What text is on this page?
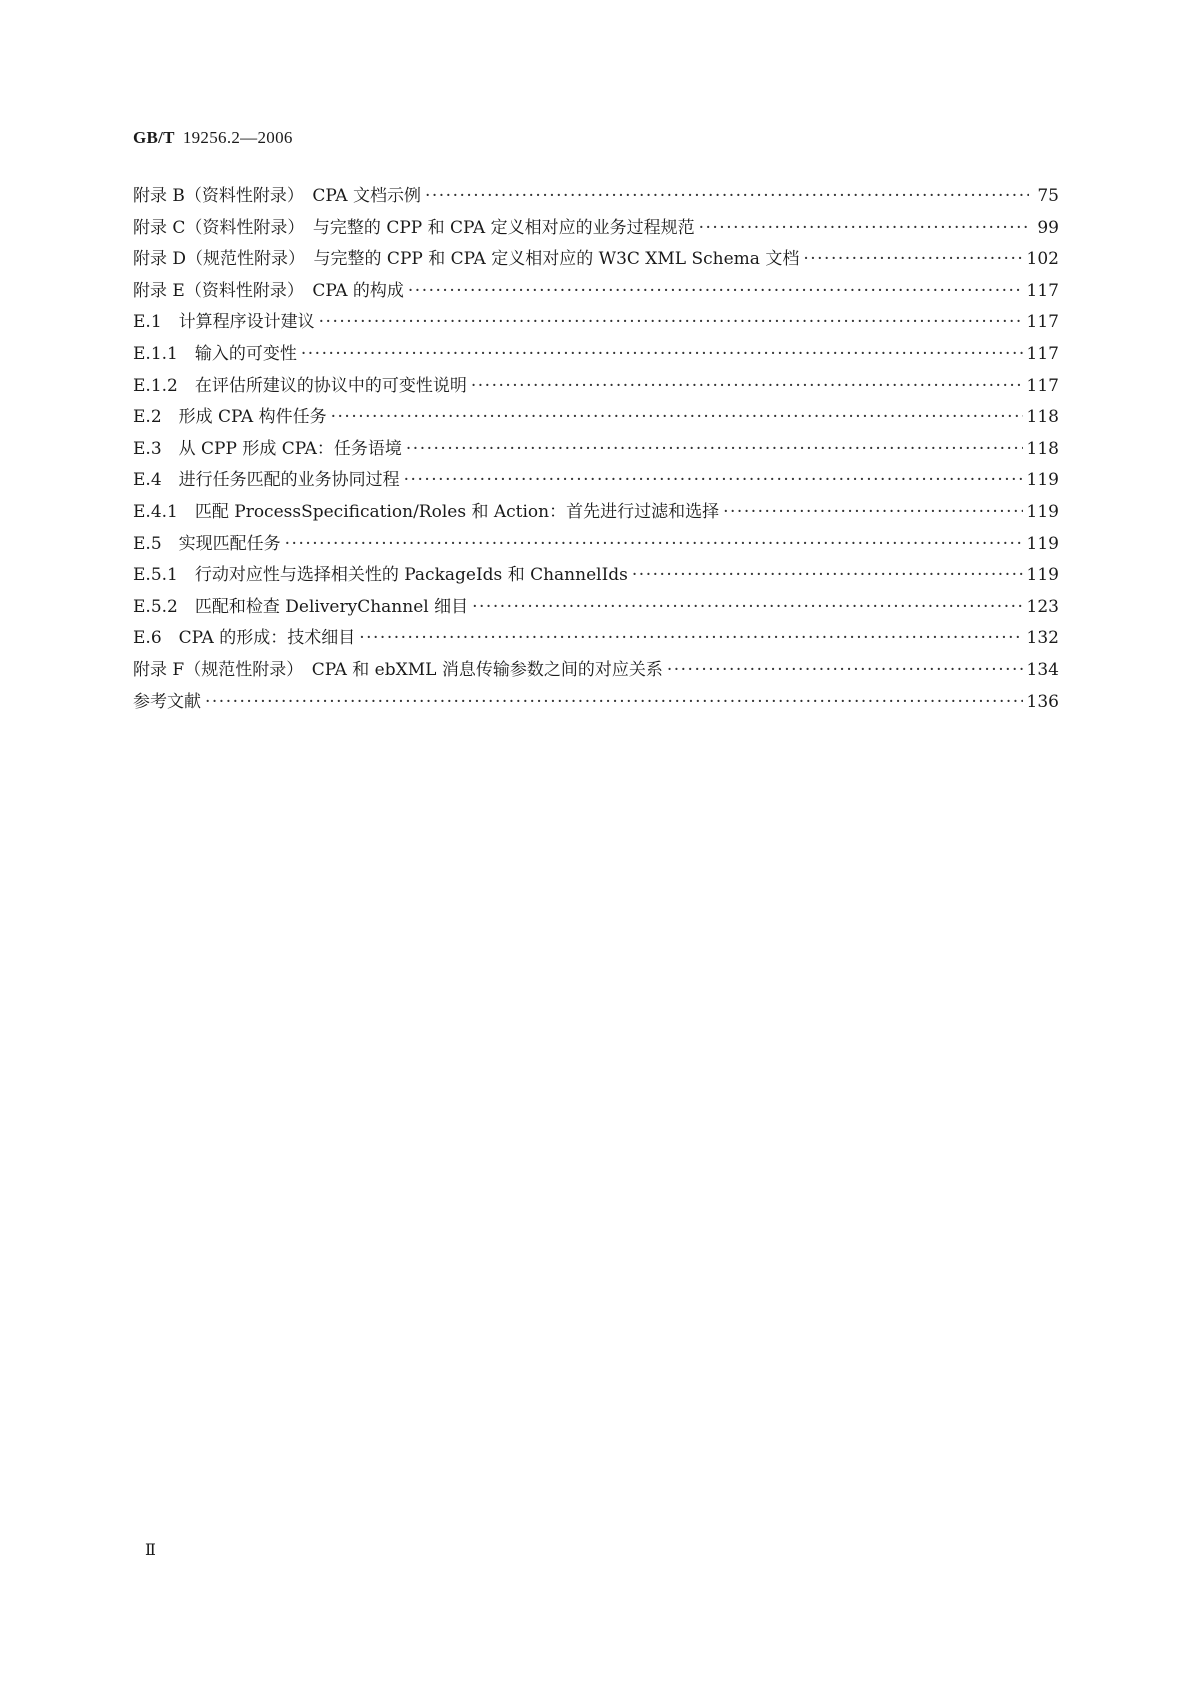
GB/T 19256.2—2006
附录 B（资料性附录）　CPA 文档示例 ·····	75
附录 C（资料性附录）　与完整的 CPP 和 CPA 定义相对应的业务过程规范 ·····	99
附录 D（规范性附录）　与完整的 CPP 和 CPA 定义相对应的 W3C XML Schema 文档 ·····	102
附录 E（资料性附录）　CPA 的构成 ·····	117
E.1　计算程序设计建议 ·····	117
E.1.1　输入的可变性 ·····	117
E.1.2　在评估所建议的协议中的可变性说明 ·····	117
E.2　形成 CPA 构件任务 ·····	118
E.3　从 CPP 形成 CPA：任务语境 ·····	118
E.4　进行任务匹配的业务协同过程 ·····	119
E.4.1　匹配 ProcessSpecification/Roles 和 Action：首先进行过滤和选择 ·····	119
E.5　实现匹配任务 ·····	119
E.5.1　行动对应性与选择相关性的 PackageIds 和 ChannelIds ·····	119
E.5.2　匹配和检查 DeliveryChannel 细目 ·····	123
E.6　CPA 的形成：技术细目 ·····	132
附录 F（规范性附录）　CPA 和 ebXML 消息传输参数之间的对应关系 ·····	134
参考文献 ·····	136
Ⅱ
